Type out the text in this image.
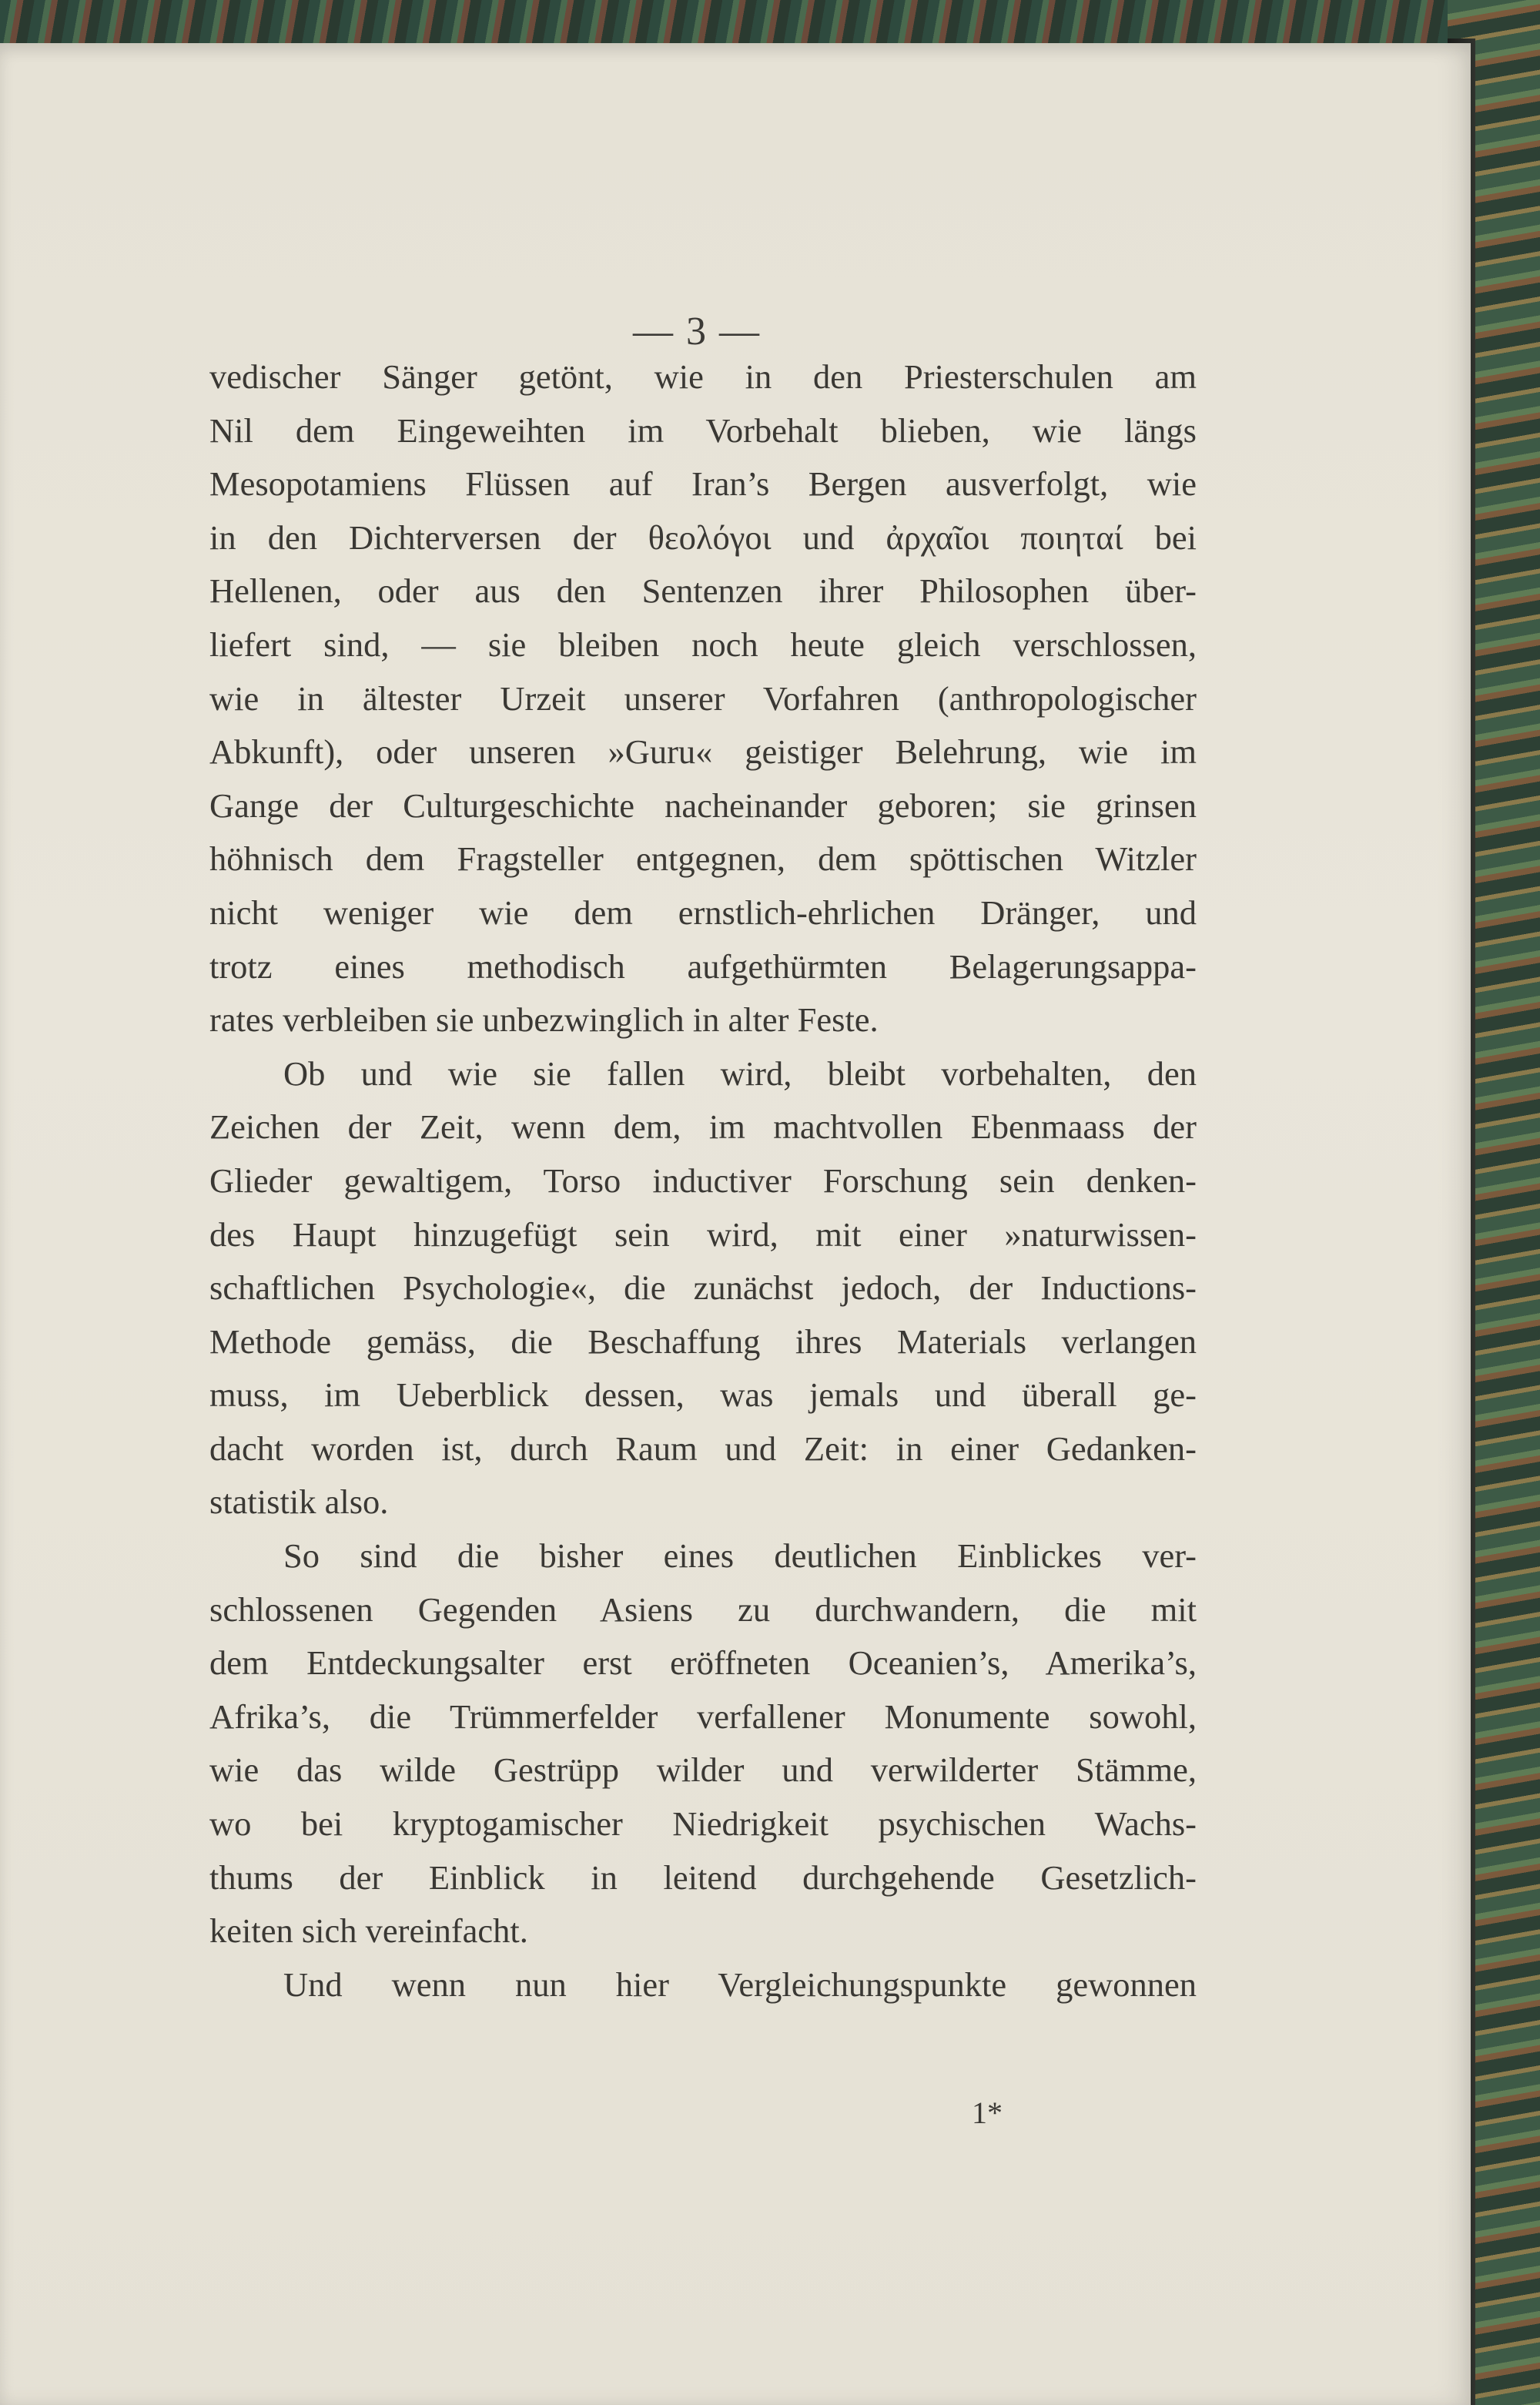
— 3 —
vedischer Sänger getönt, wie in den Priesterschulen am
Nil dem Eingeweihten im Vorbehalt blieben, wie längs
Mesopotamiens Flüssen auf Iran’s Bergen ausverfolgt, wie
in den Dichterversen der θεολόγοι und ἀρχαῖοι ποιηταί bei
Hellenen, oder aus den Sentenzen ihrer Philosophen über-
liefert sind, — sie bleiben noch heute gleich verschlossen,
wie in ältester Urzeit unserer Vorfahren (anthropologischer
Abkunft), oder unseren »Guru« geistiger Belehrung, wie im
Gange der Culturgeschichte nacheinander geboren; sie grinsen
höhnisch dem Fragsteller entgegnen, dem spöttischen Witzler
nicht weniger wie dem ernstlich-ehrlichen Dränger, und
trotz eines methodisch aufgethürmten Belagerungsappa-
rates verbleiben sie unbezwinglich in alter Feste.
Ob und wie sie fallen wird, bleibt vorbehalten, den
Zeichen der Zeit, wenn dem, im machtvollen Ebenmaass der
Glieder gewaltigem, Torso inductiver Forschung sein denken-
des Haupt hinzugefügt sein wird, mit einer »naturwissen-
schaftlichen Psychologie«, die zunächst jedoch, der Inductions-
Methode gemäss, die Beschaffung ihres Materials verlangen
muss, im Ueberblick dessen, was jemals und überall ge-
dacht worden ist, durch Raum und Zeit: in einer Gedanken-
statistik also.
So sind die bisher eines deutlichen Einblickes ver-
schlossenen Gegenden Asiens zu durchwandern, die mit
dem Entdeckungsalter erst eröffneten Oceanien’s, Amerika’s,
Afrika’s, die Trümmerfelder verfallener Monumente sowohl,
wie das wilde Gestrüpp wilder und verwilderter Stämme,
wo bei kryptogamischer Niedrigkeit psychischen Wachs-
thums der Einblick in leitend durchgehende Gesetzlich-
keiten sich vereinfacht.
Und wenn nun hier Vergleichungspunkte gewonnen
1*
